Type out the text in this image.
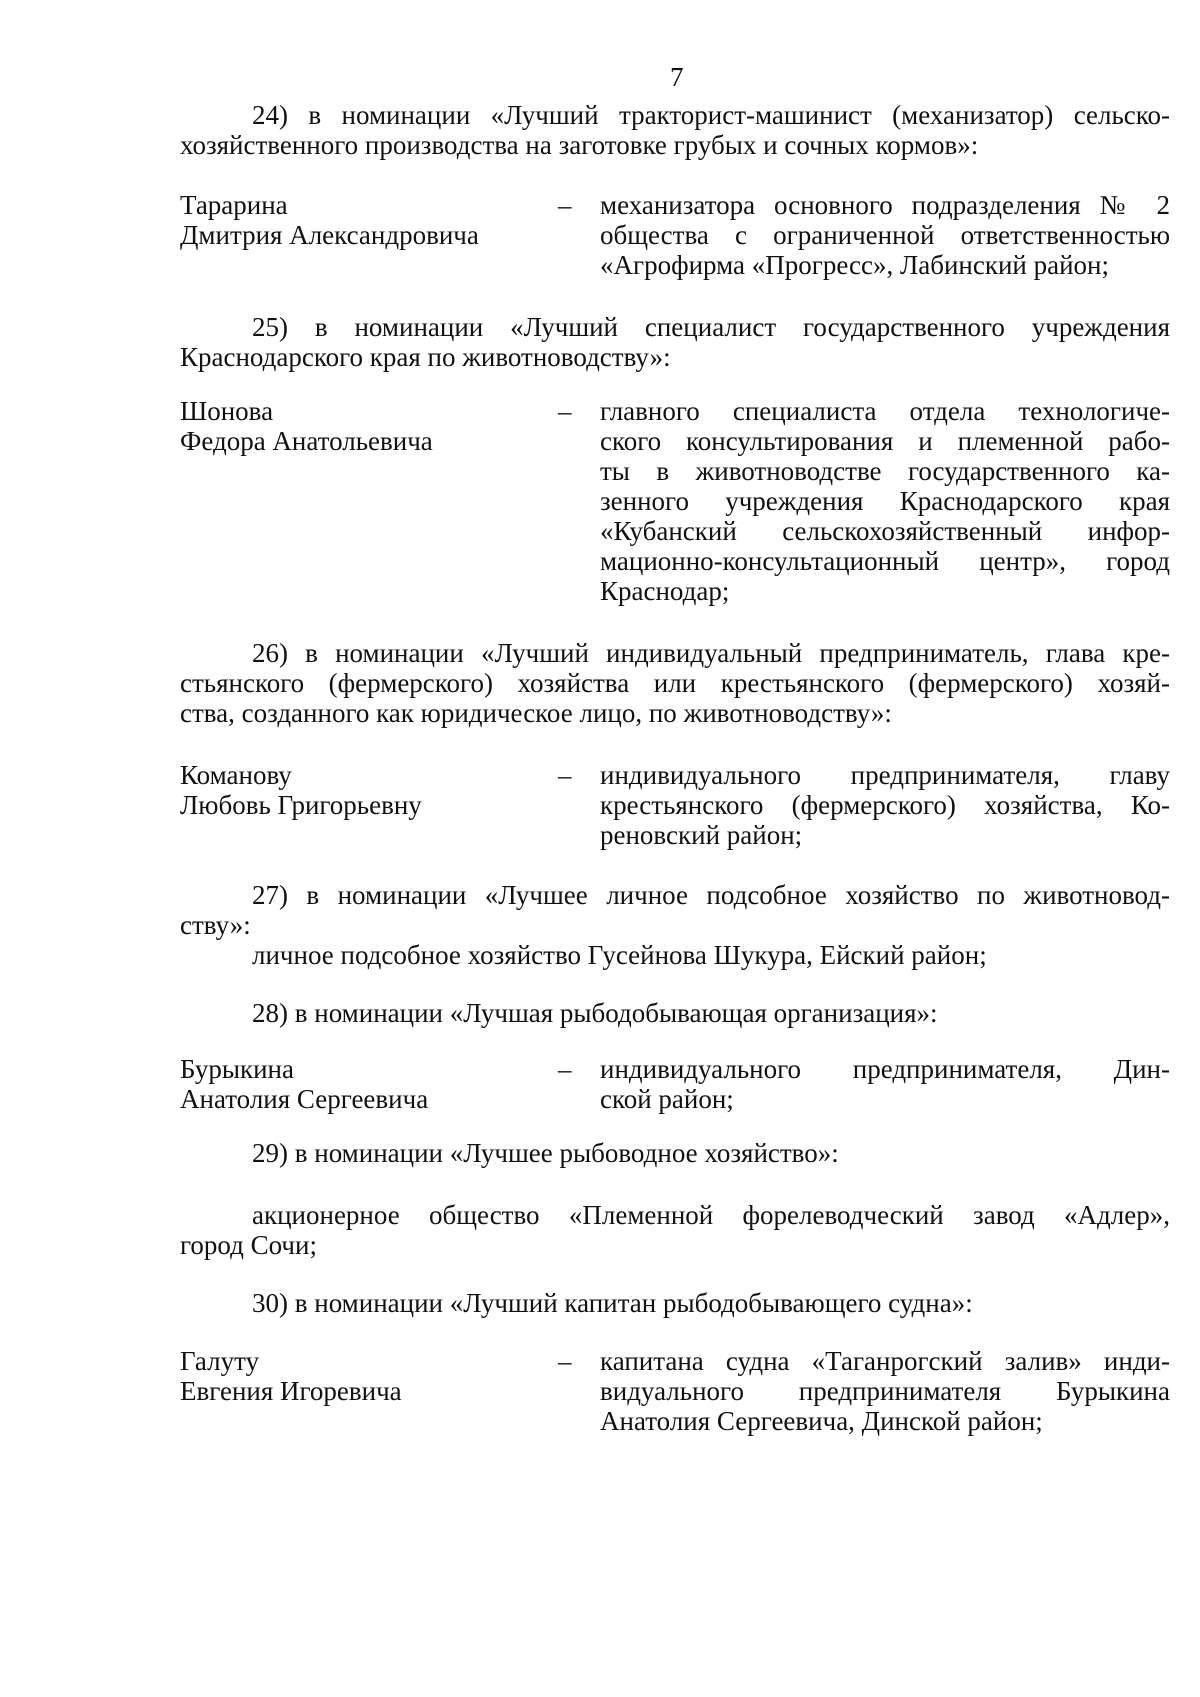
7
24) в номинации «Лучший тракторист-машинист (механизатор) сельско-
хозяйственного производства на заготовке грубых и сочных кормов»:
Тарарина
Дмитрия Александровича
– механизатора основного подразделения № 2
общества с ограниченной ответственностью
«Агрофирма «Прогресс», Лабинский район;
25) в номинации «Лучший специалист государственного учреждения
Краснодарского края по животноводству»:
Шонова
Федора Анатольевича
– главного специалиста отдела технологиче-
ского консультирования и племенной рабо-
ты в животноводстве государственного ка-
зенного учреждения Краснодарского края
«Кубанский сельскохозяйственный инфор-
мационно-консультационный центр», город
Краснодар;
26) в номинации «Лучший индивидуальный предприниматель, глава кре-
стьянского (фермерского) хозяйства или крестьянского (фермерского) хозяй-
ства, созданного как юридическое лицо, по животноводству»:
Команову
Любовь Григорьевну
– индивидуального предпринимателя, главу
крестьянского (фермерского) хозяйства, Ко-
реновский район;
27) в номинации «Лучшее личное подсобное хозяйство по животновод-
ству»:
личное подсобное хозяйство Гусейнова Шукура, Ейский район;
28) в номинации «Лучшая рыбодобывающая организация»:
Бурыкина
Анатолия Сергеевича
– индивидуального предпринимателя, Дин-
ской район;
29) в номинации «Лучшее рыбоводное хозяйство»:
акционерное общество «Племенной форелеводческий завод «Адлер»,
город Сочи;
30) в номинации «Лучший капитан рыбодобывающего судна»:
Галуту
Евгения Игоревича
– капитана судна «Таганрогский залив» инди-
видуального предпринимателя Бурыкина
Анатолия Сергеевича, Динской район;
